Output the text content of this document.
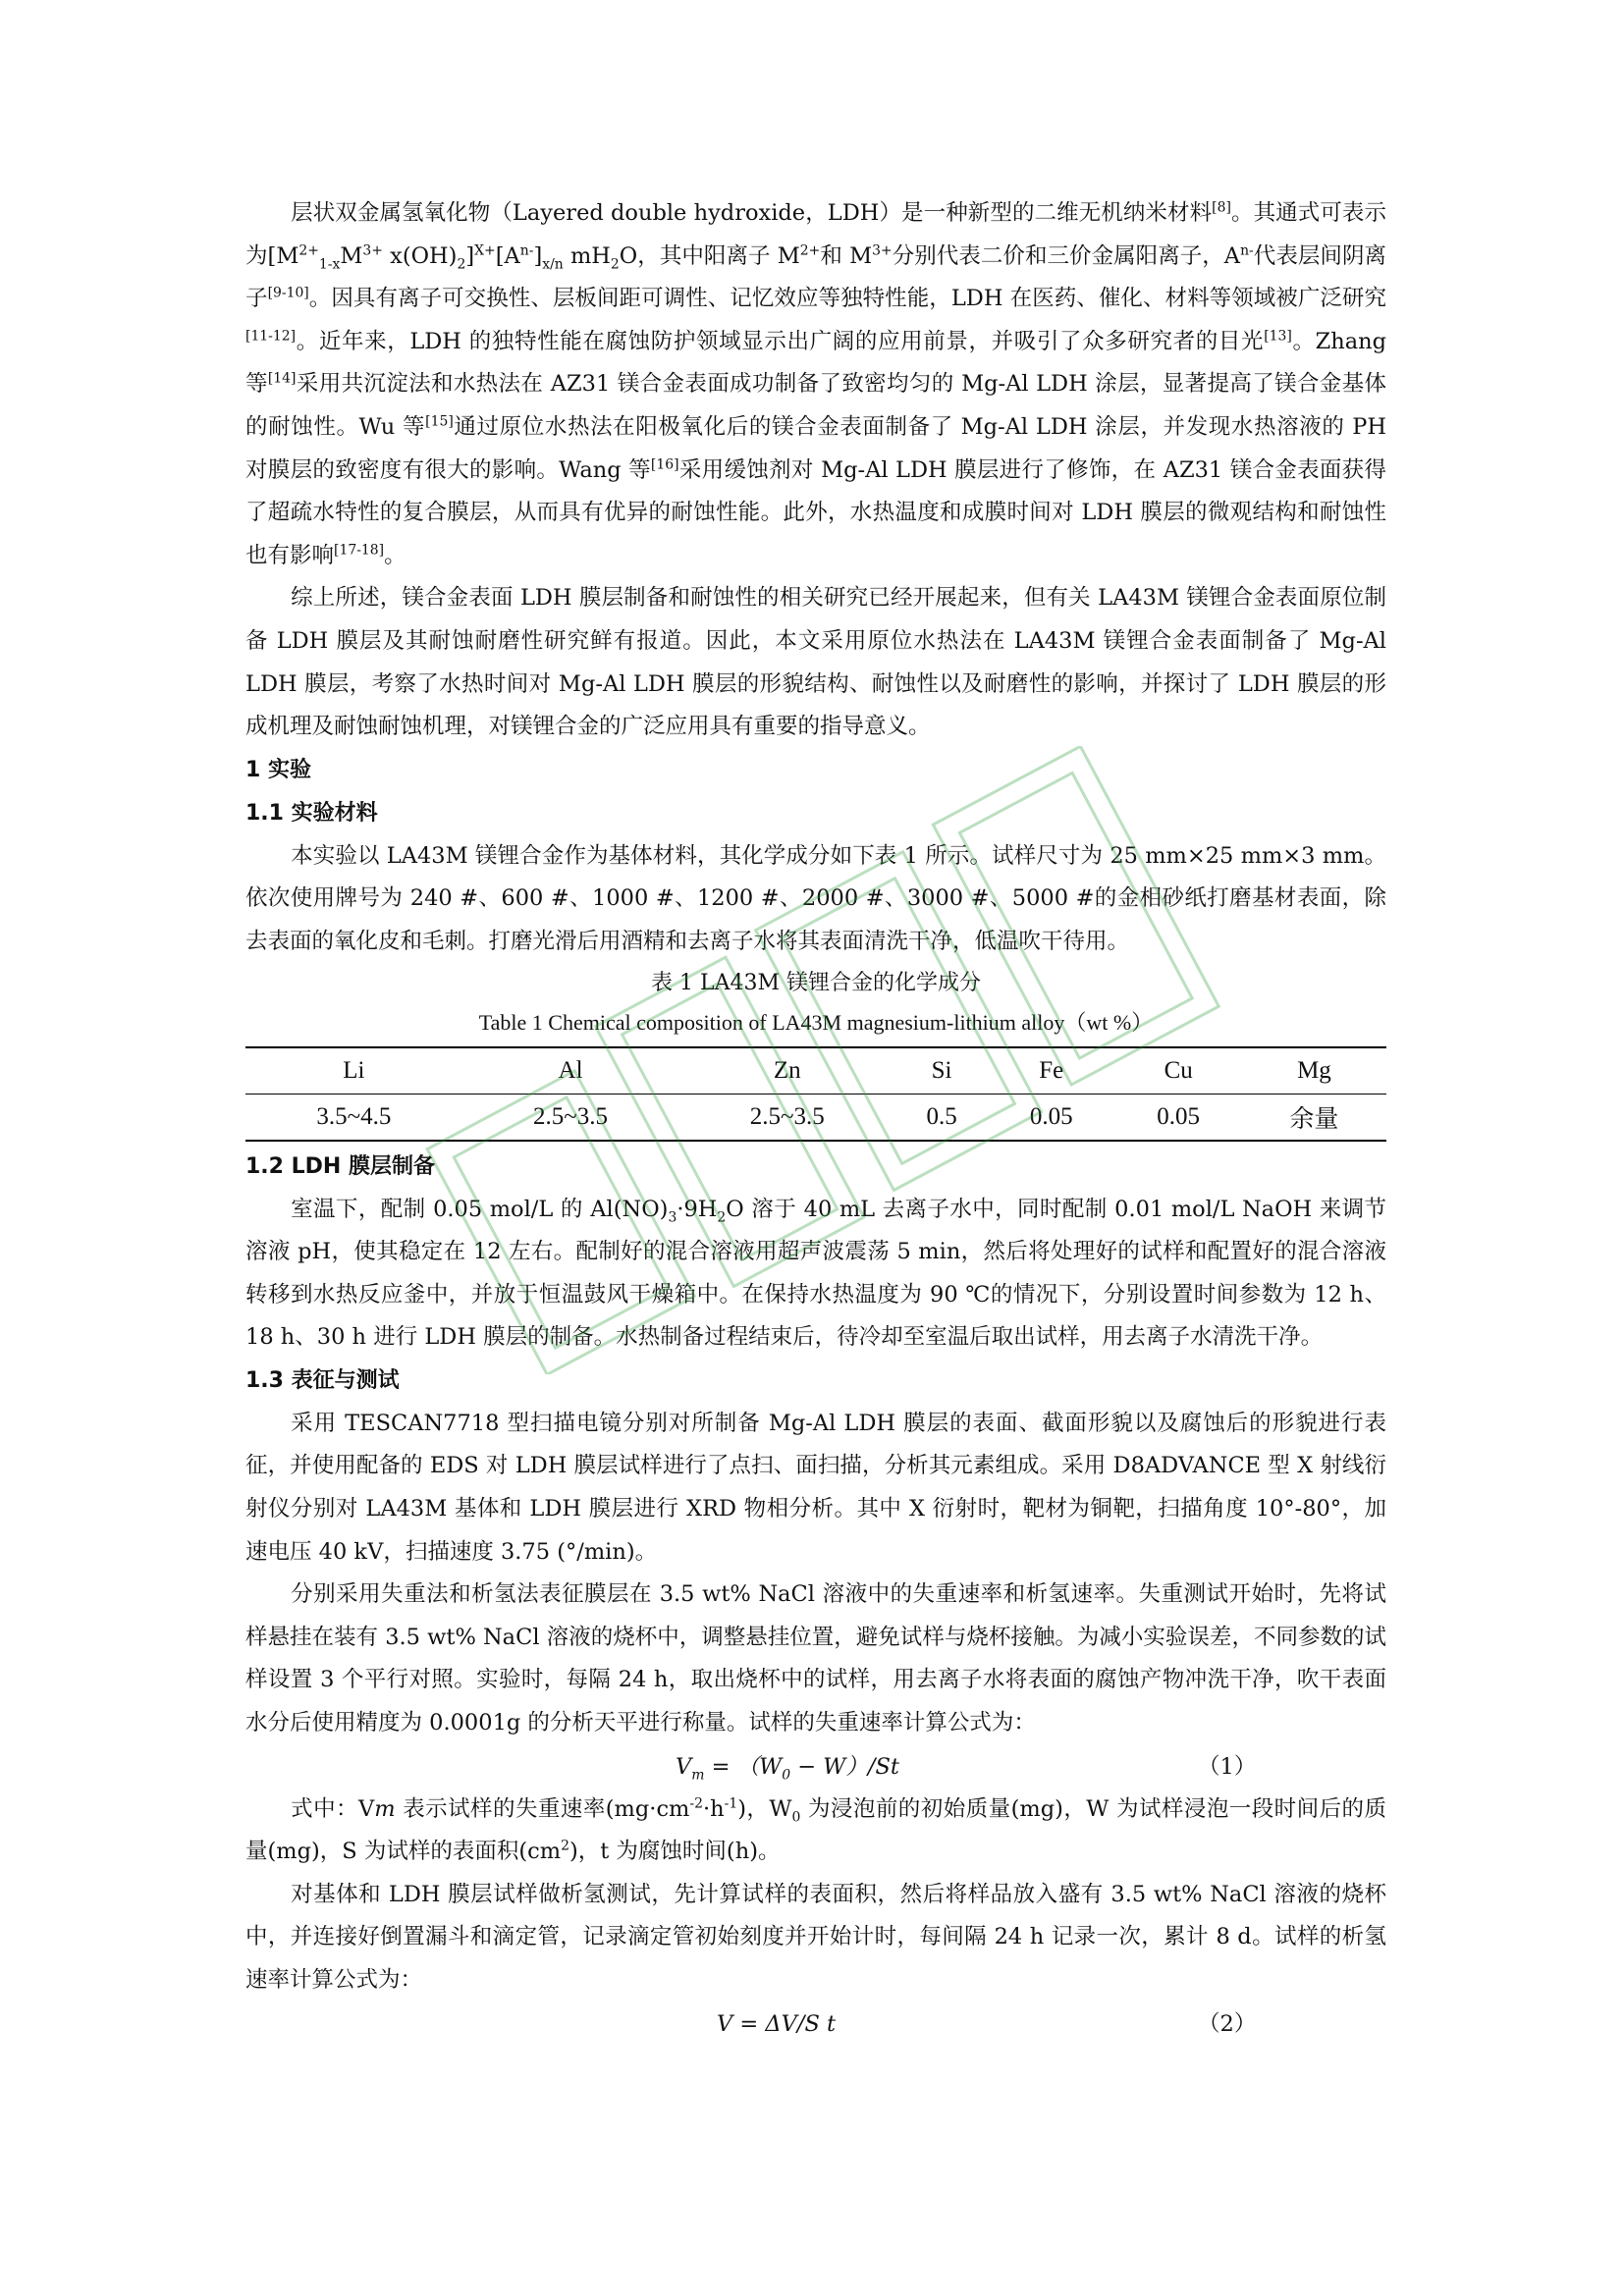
层状双金属氢氧化物（Layered double hydroxide，LDH）是一种新型的二维无机纳米材料[8]。其通式可表示为[$M^{2+}_{1-x}M^{3+}$ $x(OH)_2]^{X+}[A^{n-}]_{x/n}$ $mH_2O$，其中阳离子 $M^{2+}$和 $M^{3+}$分别代表二价和三价金属阳离子，$A^{n-}$代表层间阴离子[9-10]。因具有离子可交换性、层板间距可调性、记忆效应等独特性能，LDH 在医药、催化、材料等领域被广泛研究[11-12]。近年来，LDH 的独特性能在腐蚀防护领域显示出广阔的应用前景，并吸引了众多研究者的目光[13]。Zhang 等[14]采用共沉淀法和水热法在 AZ31 镁合金表面成功制备了致密均匀的 Mg-Al LDH 涂层，显著提高了镁合金基体的耐蚀性。Wu 等[15]通过原位水热法在阳极氧化后的镁合金表面制备了 Mg-Al LDH 涂层，并发现水热溶液的 PH 对膜层的致密度有很大的影响。Wang 等[16]采用缓蚀剂对 Mg-Al LDH 膜层进行了修饰，在 AZ31 镁合金表面获得了超疏水特性的复合膜层，从而具有优异的耐蚀性能。此外，水热温度和成膜时间对 LDH 膜层的微观结构和耐蚀性也有影响[17-18]。

综上所述，镁合金表面 LDH 膜层制备和耐蚀性的相关研究已经开展起来，但有关 LA43M 镁锂合金表面原位制备 LDH 膜层及其耐蚀耐磨性研究鲜有报道。因此，本文采用原位水热法在 LA43M 镁锂合金表面制备了 Mg-Al LDH 膜层，考察了水热时间对 Mg-Al LDH 膜层的形貌结构、耐蚀性以及耐磨性的影响，并探讨了 LDH 膜层的形成机理及耐蚀耐蚀机理，对镁锂合金的广泛应用具有重要的指导意义。

1 实验
1.1 实验材料

本实验以 LA43M 镁锂合金作为基体材料，其化学成分如下表 1 所示。试样尺寸为 25 mm×25 mm×3 mm。依次使用牌号为 240 #、600 #、1000 #、1200 #、2000 #、3000 #、5000 #的金相砂纸打磨基材表面，除去表面的氧化皮和毛刺。打磨光滑后用酒精和去离子水将其表面清洗干净，低温吹干待用。

表 1 LA43M 镁锂合金的化学成分

Table 1 Chemical composition of LA43M magnesium-lithium alloy（wt %）

Li	Al	Zn	Si	Fe	Cu	Mg
3.5~4.5	2.5~3.5	2.5~3.5	0.5	0.05	0.05	余量
1.2 LDH 膜层制备

室温下，配制 0.05 mol/L 的 $Al(NO)_3\cdot 9H_2O$ 溶于 40 mL 去离子水中，同时配制 0.01 mol/L NaOH 来调节溶液 pH，使其稳定在 12 左右。配制好的混合溶液用超声波震荡 5 min，然后将处理好的试样和配置好的混合溶液转移到水热反应釜中，并放于恒温鼓风干燥箱中。在保持水热温度为 90 ℃的情况下，分别设置时间参数为 12 h、18 h、30 h 进行 LDH 膜层的制备。水热制备过程结束后，待冷却至室温后取出试样，用去离子水清洗干净。

1.3 表征与测试

采用 TESCAN7718 型扫描电镜分别对所制备 Mg-Al LDH 膜层的表面、截面形貌以及腐蚀后的形貌进行表征，并使用配备的 EDS 对 LDH 膜层试样进行了点扫、面扫描，分析其元素组成。采用 D8ADVANCE 型 X 射线衍射仪分别对 LA43M 基体和 LDH 膜层进行 XRD 物相分析。其中 X 衍射时，靶材为铜靶，扫描角度 10°-80°，加速电压 40 kV，扫描速度 3.75 (°/min)。

分别采用失重法和析氢法表征膜层在 3.5 wt% NaCl 溶液中的失重速率和析氢速率。失重测试开始时，先将试样悬挂在装有 3.5 wt% NaCl 溶液的烧杯中，调整悬挂位置，避免试样与烧杯接触。为减小实验误差，不同参数的试样设置 3 个平行对照。实验时，每隔 24 h，取出烧杯中的试样，用去离子水将表面的腐蚀产物冲洗干净，吹干表面水分后使用精度为 0.0001g 的分析天平进行称量。试样的失重速率计算公式为：

$V_m = (W_0 - W)/St$	（1）

式中：Vm 表示试样的失重速率$(mg\cdot cm^{-2}\cdot h^{-1})$，$W_0$ 为浸泡前的初始质量(mg)，W 为试样浸泡一段时间后的质量(mg)，S 为试样的表面积$(cm^2)$，t 为腐蚀时间(h)。

对基体和 LDH 膜层试样做析氢测试，先计算试样的表面积，然后将样品放入盛有 3.5 wt% NaCl 溶液的烧杯中，并连接好倒置漏斗和滴定管，记录滴定管初始刻度并开始计时，每间隔 24 h 记录一次，累计 8 d。试样的析氢速率计算公式为：

V = ΔV/S t	（2）
